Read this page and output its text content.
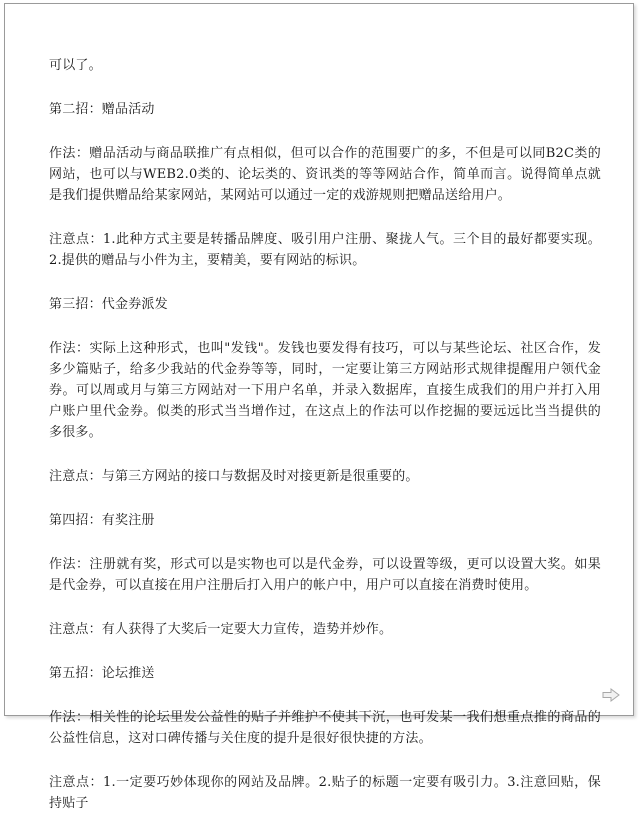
可以了。

第二招：赠品活动

作法：赠品活动与商品联推广有点相似，但可以合作的范围要广的多，不但是可以同B2C类的网站，也可以与WEB2.0类的、论坛类的、资讯类的等等网站合作，简单而言。说得简单点就是我们提供赠品给某家网站，某网站可以通过一定的戏游规则把赠品送给用户。

注意点：1.此种方式主要是转播品牌度、吸引用户注册、聚拢人气。三个目的最好都要实现。2.提供的赠品与小件为主，要精美，要有网站的标识。

第三招：代金券派发

作法：实际上这种形式，也叫"发钱"。发钱也要发得有技巧，可以与某些论坛、社区合作，发多少篇贴子，给多少我站的代金券等等，同时，一定要让第三方网站形式规律提醒用户领代金券。可以周或月与第三方网站对一下用户名单，并录入数据库，直接生成我们的用户并打入用户账户里代金券。似类的形式当当增作过，在这点上的作法可以作挖掘的要远远比当当提供的多很多。

注意点：与第三方网站的接口与数据及时对接更新是很重要的。

第四招：有奖注册

作法：注册就有奖，形式可以是实物也可以是代金券，可以设置等级，更可以设置大奖。如果是代金券，可以直接在用户注册后打入用户的帐户中，用户可以直接在消费时使用。

注意点：有人获得了大奖后一定要大力宣传，造势并炒作。

第五招：论坛推送

作法：相关性的论坛里发公益性的贴子并维护不使其下沉，也可发某一我们想重点推的商品的公益性信息，这对口碑传播与关住度的提升是很好很快捷的方法。

注意点：1.一定要巧妙体现你的网站及品牌。2.贴子的标题一定要有吸引力。3.注意回贴，保持贴子
